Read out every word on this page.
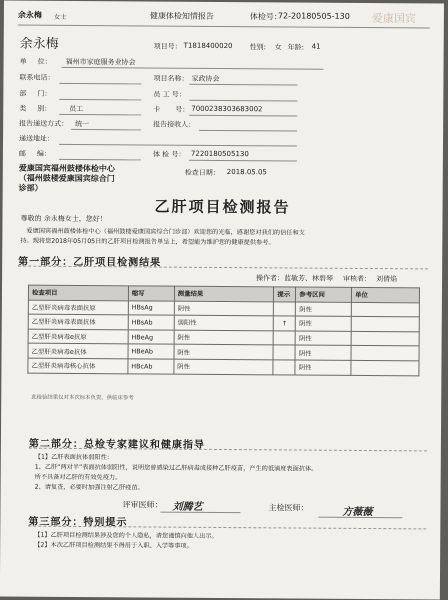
余永梅 女士	健康体检知情报告	体检号：
72-20180505-130 爱康国宾
余永梅	项目号： T1818400020 性别: 女 年龄: 41
单 位： 福州市家庭服务业协会
联系电话：	项目名称： 家政协会
部 门：	员 工 号：
类 别：	员工	卡 号： 7000238303683002
报告递送方式： 统一	报告接收人：
递送地址：
邮 编：	体 检 号： 7220180505130
爱康国宾福州鼓楼体检中心
（福州鼓楼爱康国宾综合门
诊部）
检查日期： 2018.05.05
乙肝项目检测报告
尊敬的 余永梅女士，您好！
爱康国宾福州鼓楼体检中心（福州鼓楼爱康国宾综合门诊部）欢迎您的光临，感谢您对我们的信任和支
持。现将您2018年05月05日的乙肝项目检测报告单呈上，希望能为维护您的健康提供参考。
第一部分：乙肝项目检测结果
操作者： 蓝敏芳、林碧琴 审核者： 刘倩焰
检查项目	缩写	测量结果	提示	参考区间	单位
乙型肝炎病毒表面抗原	HBsAg	阴性		阴性	
乙型肝炎病毒表面抗体	HBsAb	弱阳性	↑	阴性	
乙型肝炎病毒e抗原	HBeAg	阴性		阴性	
乙型肝炎病毒e抗体	HBeAb	阴性		阴性	
乙型肝炎病毒核心抗体	HBcAb	阴性		阴性	
此检验结果仅对本次标本负责，供临床参考
第二部分：总检专家建议和健康指导
【1】乙肝表面抗体弱阳性：
1、乙肝“两对半”表面抗体弱阳性，说明您曾感染过乙肝病毒或接种乙肝疫苗，产生的低滴度表面抗体。
所不具备对乙肝的有效免疫力。
2、请复查，必要时加强注射乙肝疫苗。
评审医师： 刘腾艺	主检医师：	方薇薇
第三部分：特别提示
【1】乙肝项目检测结果涉及您的个人隐私，请您谨慎向他人出示。
【2】本次乙肝项目检测结果不得用于入职、入学等事项。
